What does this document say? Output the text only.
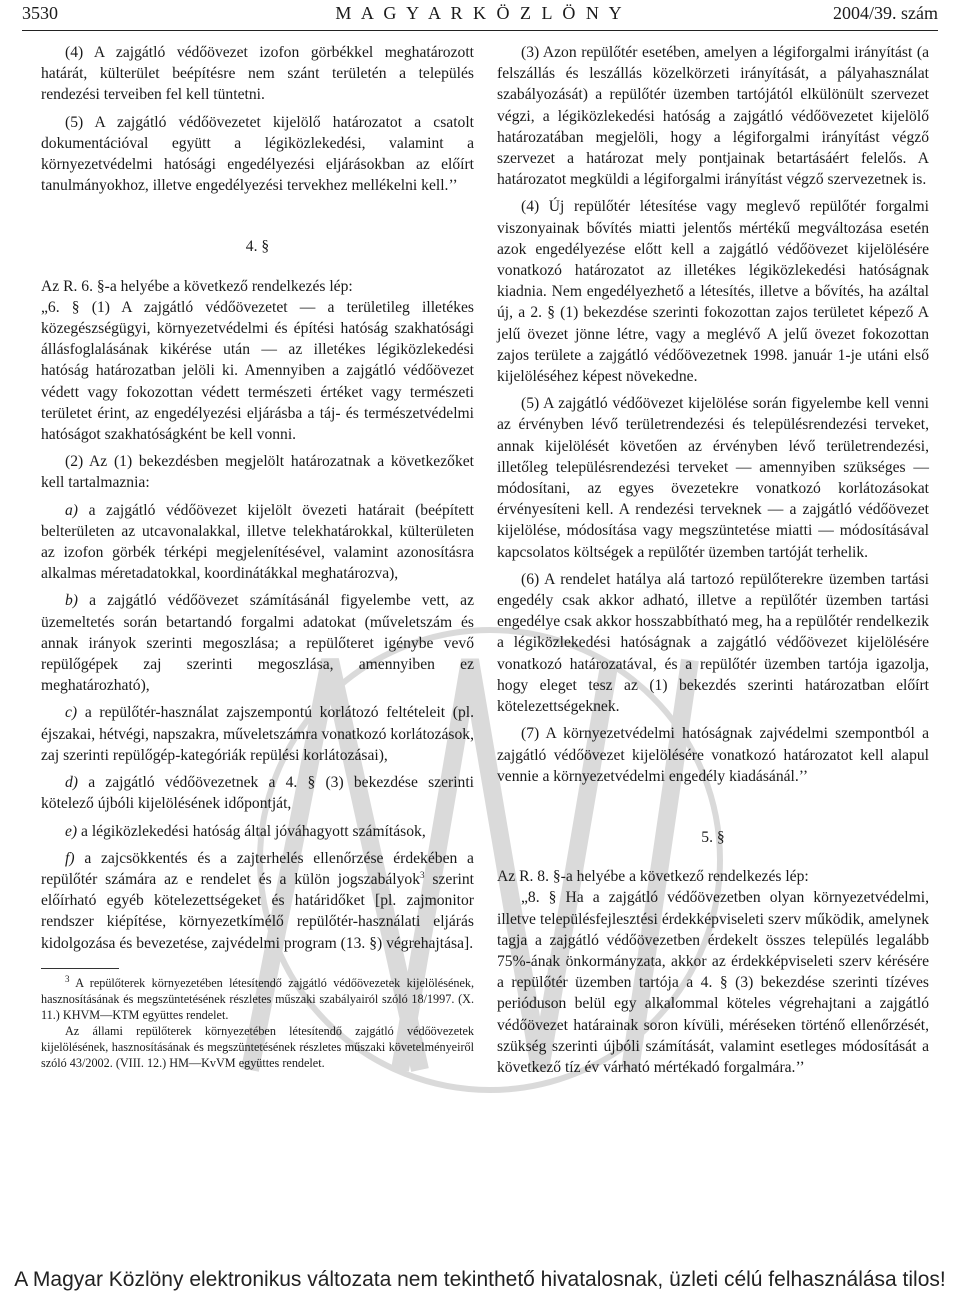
3530	M A G Y A R K Ö Z L Ö N Y	2004/39. szám

(4) A zajgátló védőövezet izofon görbékkel meghatározott határát, külterület beépítésre nem szánt területén a település rendezési terveiben fel kell tüntetni.

(5) A zajgátló védőövezetet kijelölő határozatot a csatolt dokumentációval együtt a légiközlekedési, valamint a környezetvédelmi hatósági engedélyezési eljárásokban az előírt tanulmányokhoz, illetve engedélyezési tervekhez mellékelni kell.’’

4. §

Az R. 6. §-a helyébe a következő rendelkezés lép:

„6. § (1) A zajgátló védőövezetet — a területileg illetékes közegészségügyi, környezetvédelmi és építési hatóság szakhatósági állásfoglalásának kikérése után — az illetékes légiközlekedési hatóság határozatban jelöli ki. Amennyiben a zajgátló védőövezet védett vagy fokozottan védett természeti értéket vagy természeti területet érint, az engedélyezési eljárásba a táj- és természetvédelmi hatóságot szakhatóságként be kell vonni.

(2) Az (1) bekezdésben megjelölt határozatnak a következőket kell tartalmaznia:

a) a zajgátló védőövezet kijelölt övezeti határait (beépített belterületen az utcavonalakkal, illetve telekhatárokkal, külterületen az izofon görbék térképi megjelenítésével, valamint azonosításra alkalmas méretadatokkal, koordinátákkal meghatározva),

b) a zajgátló védőövezet számításánál figyelembe vett, az üzemeltetés során betartandó forgalmi adatokat (műveletszám és annak irányok szerinti megoszlása; a repülőteret igénybe vevő repülőgépek zaj szerinti megoszlása, amennyiben ez meghatározható),

c) a repülőtér-használat zajszempontú korlátozó feltételeit (pl. éjszakai, hétvégi, napszakra, műveletszámra vonatkozó korlátozások, zaj szerinti repülőgép-kategóriák repülési korlátozásai),

d) a zajgátló védőövezetnek a 4. § (3) bekezdése szerinti kötelező újbóli kijelölésének időpontját,

e) a légiközlekedési hatóság által jóváhagyott számítások,

f) a zajcsökkentés és a zajterhelés ellenőrzése érdekében a repülőtér számára az e rendelet és a külön jogszabályok$^3$ szerint előírható egyéb kötelezettségeket és határidőket [pl. zajmonitor rendszer kiépítése, környezetkímélő repülőtér-használati eljárás kidolgozása és bevezetése, zajvédelmi program (13. §) végrehajtása].

$^3$ A repülőterek környezetében létesítendő zajgátló védőövezetek kijelölésének, hasznosításának és megszüntetésének részletes műszaki szabályairól szóló 18/1997. (X. 11.) KHVM—KTM együttes rendelet.

Az állami repülőterek környezetében létesítendő zajgátló védőövezetek kijelölésének, hasznosításának és megszüntetésének részletes műszaki követelményeiről szóló 43/2002. (VIII. 12.) HM—KvVM együttes rendelet.

(3) Azon repülőtér esetében, amelyen a légiforgalmi irányítást (a felszállás és leszállás közelkörzeti irányítását, a pályahasználat szabályozását) a repülőtér üzemben tartójától elkülönült szervezet végzi, a légiközlekedési hatóság a zajgátló védőövezetet kijelölő határozatában megjelöli, hogy a légiforgalmi irányítást végző szervezet a határozat mely pontjainak betartásáért felelős. A határozatot megküldi a légiforgalmi irányítást végző szervezetnek is.

(4) Új repülőtér létesítése vagy meglevő repülőtér forgalmi viszonyainak bővítés miatti jelentős mértékű megváltozása esetén azok engedélyezése előtt kell a zajgátló védőövezet kijelölésére vonatkozó határozatot az illetékes légiközlekedési hatóságnak kiadnia. Nem engedélyezhető a létesítés, illetve a bővítés, ha azáltal új, a 2. § (1) bekezdése szerinti fokozottan zajos területet képező A jelű övezet jönne létre, vagy a meglévő A jelű övezet fokozottan zajos területe a zajgátló védőövezetnek 1998. január 1-je utáni első kijelöléséhez képest növekedne.

(5) A zajgátló védőövezet kijelölése során figyelembe kell venni az érvényben lévő területrendezési és településrendezési terveket, annak kijelölését követően az érvényben lévő területrendezési, illetőleg településrendezési terveket — amennyiben szükséges — módosítani, az egyes övezetekre vonatkozó korlátozásokat érvényesíteni kell. A rendezési terveknek — a zajgátló védőövezet kijelölése, módosítása vagy megszüntetése miatti — módosításával kapcsolatos költségek a repülőtér üzemben tartóját terhelik.

(6) A rendelet hatálya alá tartozó repülőterekre üzemben tartási engedély csak akkor adható, illetve a repülőtér üzemben tartási engedélye csak akkor hosszabbítható meg, ha a repülőtér rendelkezik a légiközlekedési hatóságnak a zajgátló védőövezet kijelölésére vonatkozó határozatával, és a repülőtér üzemben tartója igazolja, hogy eleget tesz az (1) bekezdés szerinti határozatban előírt kötelezettségeknek.

(7) A környezetvédelmi hatóságnak zajvédelmi szempontból a zajgátló védőövezet kijelölésére vonatkozó határozatot kell alapul vennie a környezetvédelmi engedély kiadásánál.’’

5. §

Az R. 8. §-a helyébe a következő rendelkezés lép:

„8. § Ha a zajgátló védőövezetben olyan környezetvédelmi, illetve településfejlesztési érdekképviseleti szerv működik, amelynek tagja a zajgátló védőövezetben érdekelt összes település legalább 75%-ának önkormányzata, akkor az érdekképviseleti szerv kérésére a repülőtér üzemben tartója a 4. § (3) bekezdése szerinti tízéves perióduson belül egy alkalommal köteles végrehajtani a zajgátló védőövezet határainak soron kívüli, méréseken történő ellenőrzését, szükség szerinti újbóli számítását, valamint esetleges módosítását a következő tíz év várható mértékadó forgalmára.’’

A Magyar Közlöny elektronikus változata nem tekinthető hivatalosnak, üzleti célú felhasználása tilos!
